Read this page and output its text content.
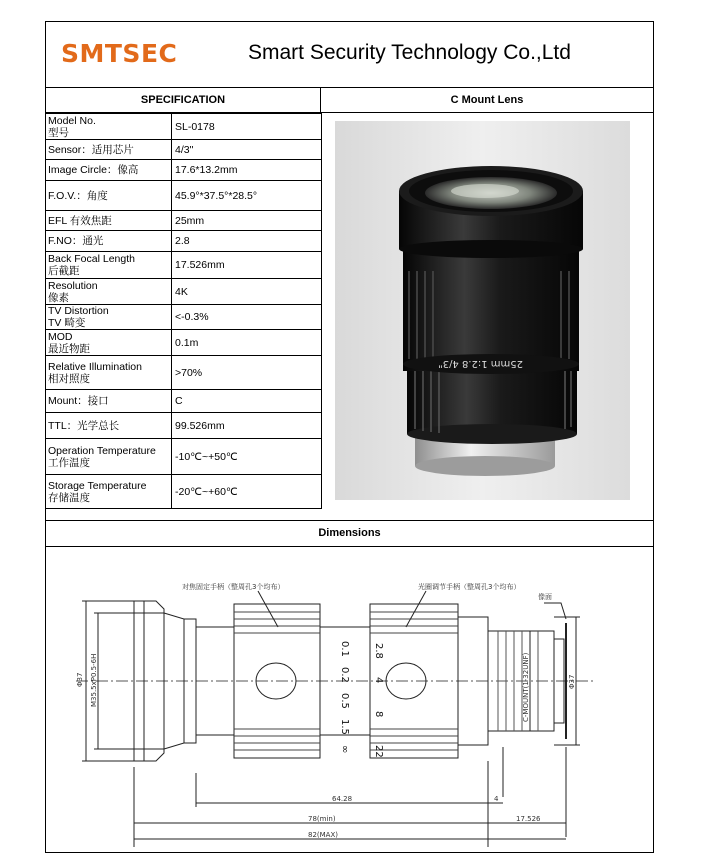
SMTSEC	Smart Security Technology Co.,Ltd
SPECIFICATION	C Mount Lens
Model No.
型号	SL-0178

Sensor：适用芯片	4/3"

Image Circle：像高	17.6*13.2mm

F.O.V.：角度	45.9°*37.5°*28.5°

EFL 有效焦距	25mm

F.NO：通光	2.8

Back Focal Length
后截距	17.526mm

Resolution
像素	4K

TV Distortion
TV 畸变	<-0.3%

MOD
最近物距	0.1m

Relative Illumination
相对照度	>70%

Mount：接口	C

TTL：光学总长	99.526mm

Operation Temperature
工作温度	-10℃~+50℃

Storage Temperature
存储温度	-20℃~+60℃
25mm 1:2.8 4/3"
Dimensions
对焦固定手柄（整周孔3个均布）	光圈调节手柄（整周孔3个均布）
像面
Φ37 M35.5xP0.5-6H	Φ37
C-MOUNT(1-32UNF)
64.28	4
78(min)	17.526
82(MAX)
0.1
0.2
0.5
1.5
∞
2.8
4
8
22
